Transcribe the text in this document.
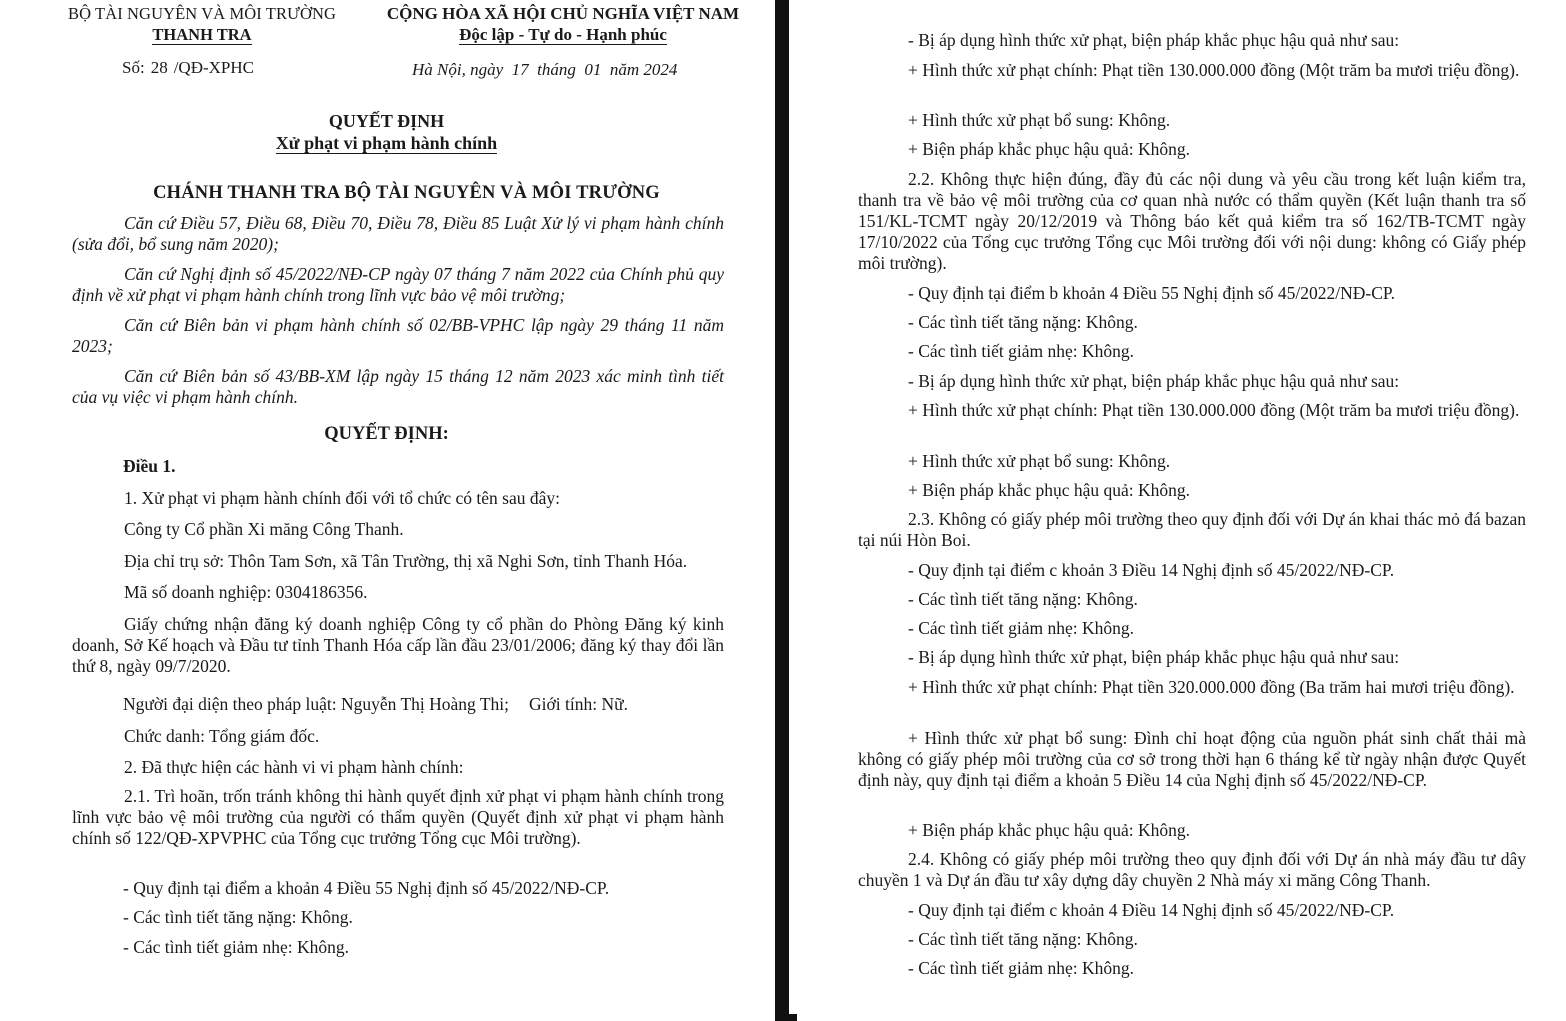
BỘ TÀI NGUYÊN VÀ MÔI TRƯỜNG
THANH TRA
CỘNG HÒA XÃ HỘI CHỦ NGHĨA VIỆT NAM
Độc lập - Tự do - Hạnh phúc
Số: 28 /QĐ-XPHC	Hà Nội, ngày  17  tháng  01  năm 2024
QUYẾT ĐỊNH
Xử phạt vi phạm hành chính
CHÁNH THANH TRA BỘ TÀI NGUYÊN VÀ MÔI TRƯỜNG
Căn cứ Điều 57, Điều 68, Điều 70, Điều 78, Điều 85 Luật Xử lý vi phạm hành chính (sửa đổi, bổ sung năm 2020);
Căn cứ Nghị định số 45/2022/NĐ-CP ngày 07 tháng 7 năm 2022 của Chính phủ quy định về xử phạt vi phạm hành chính trong lĩnh vực bảo vệ môi trường;
Căn cứ Biên bản vi phạm hành chính số 02/BB-VPHC lập ngày 29 tháng 11 năm 2023;
Căn cứ Biên bản số 43/BB-XM lập ngày 15 tháng 12 năm 2023 xác minh tình tiết của vụ việc vi phạm hành chính.
QUYẾT ĐỊNH:
Điều 1.
1. Xử phạt vi phạm hành chính đối với tổ chức có tên sau đây:
Công ty Cổ phần Xi măng Công Thanh.
Địa chỉ trụ sở: Thôn Tam Sơn, xã Tân Trường, thị xã Nghi Sơn, tỉnh Thanh Hóa.
Mã số doanh nghiệp: 0304186356.
Giấy chứng nhận đăng ký doanh nghiệp Công ty cổ phần do Phòng Đăng ký kinh doanh, Sở Kế hoạch và Đầu tư tỉnh Thanh Hóa cấp lần đầu 23/01/2006; đăng ký thay đổi lần thứ 8, ngày 09/7/2020.
Người đại diện theo pháp luật: Nguyễn Thị Hoàng Thi; Giới tính: Nữ.
Chức danh: Tổng giám đốc.
2. Đã thực hiện các hành vi vi phạm hành chính:
2.1. Trì hoãn, trốn tránh không thi hành quyết định xử phạt vi phạm hành chính trong lĩnh vực bảo vệ môi trường của người có thẩm quyền (Quyết định xử phạt vi phạm hành chính số 122/QĐ-XPVPHC của Tổng cục trưởng Tổng cục Môi trường).
- Quy định tại điểm a khoản 4 Điều 55 Nghị định số 45/2022/NĐ-CP.
- Các tình tiết tăng nặng: Không.
- Các tình tiết giảm nhẹ: Không.
- Bị áp dụng hình thức xử phạt, biện pháp khắc phục hậu quả như sau:
+ Hình thức xử phạt chính: Phạt tiền 130.000.000 đồng (Một trăm ba mươi triệu đồng).
+ Hình thức xử phạt bổ sung: Không.
+ Biện pháp khắc phục hậu quả: Không.
2.2. Không thực hiện đúng, đầy đủ các nội dung và yêu cầu trong kết luận kiểm tra, thanh tra về bảo vệ môi trường của cơ quan nhà nước có thẩm quyền (Kết luận thanh tra số 151/KL-TCMT ngày 20/12/2019 và Thông báo kết quả kiểm tra số 162/TB-TCMT ngày 17/10/2022 của Tổng cục trưởng Tổng cục Môi trường đối với nội dung: không có Giấy phép môi trường).
- Quy định tại điểm b khoản 4 Điều 55 Nghị định số 45/2022/NĐ-CP.
- Các tình tiết tăng nặng: Không.
- Các tình tiết giảm nhẹ: Không.
- Bị áp dụng hình thức xử phạt, biện pháp khắc phục hậu quả như sau:
+ Hình thức xử phạt chính: Phạt tiền 130.000.000 đồng (Một trăm ba mươi triệu đồng).
+ Hình thức xử phạt bổ sung: Không.
+ Biện pháp khắc phục hậu quả: Không.
2.3. Không có giấy phép môi trường theo quy định đối với Dự án khai thác mỏ đá bazan tại núi Hòn Boi.
- Quy định tại điểm c khoản 3 Điều 14 Nghị định số 45/2022/NĐ-CP.
- Các tình tiết tăng nặng: Không.
- Các tình tiết giảm nhẹ: Không.
- Bị áp dụng hình thức xử phạt, biện pháp khắc phục hậu quả như sau:
+ Hình thức xử phạt chính: Phạt tiền 320.000.000 đồng (Ba trăm hai mươi triệu đồng).
+ Hình thức xử phạt bổ sung: Đình chỉ hoạt động của nguồn phát sinh chất thải mà không có giấy phép môi trường của cơ sở trong thời hạn 6 tháng kể từ ngày nhận được Quyết định này, quy định tại điểm a khoản 5 Điều 14 của Nghị định số 45/2022/NĐ-CP.
+ Biện pháp khắc phục hậu quả: Không.
2.4. Không có giấy phép môi trường theo quy định đối với Dự án nhà máy đầu tư dây chuyền 1 và Dự án đầu tư xây dựng dây chuyền 2 Nhà máy xi măng Công Thanh.
- Quy định tại điểm c khoản 4 Điều 14 Nghị định số 45/2022/NĐ-CP.
- Các tình tiết tăng nặng: Không.
- Các tình tiết giảm nhẹ: Không.
